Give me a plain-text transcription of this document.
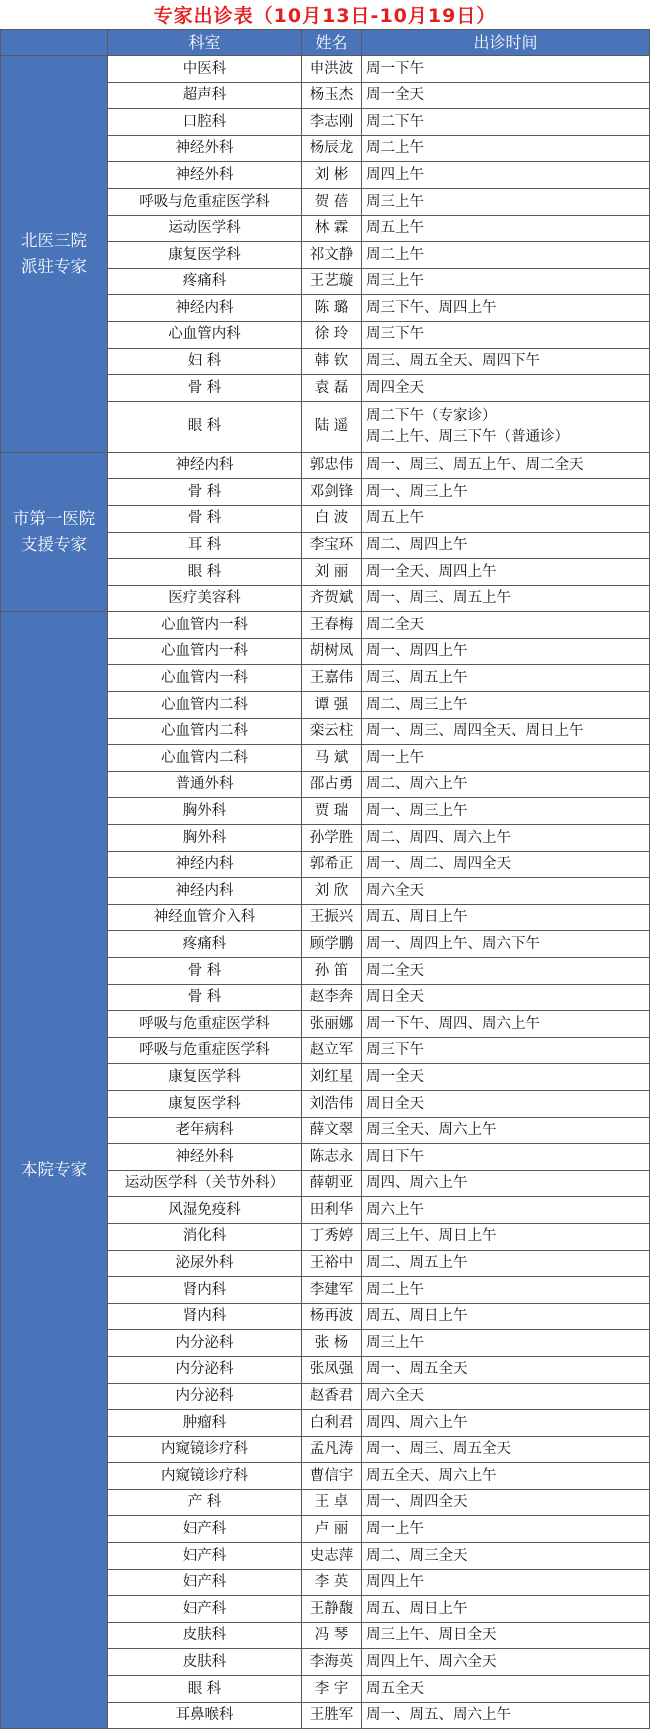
专家出诊表（10月13日-10月19日）
	科室	姓名	出诊时间
北医三院
派驻专家	中医科	申洪波	周一下午
	超声科	杨玉杰	周一全天
	口腔科	李志刚	周二下午
	神经外科	杨辰龙	周二上午
	神经外科	刘 彬	周四上午
	呼吸与危重症医学科	贺 蓓	周三上午
	运动医学科	林 霖	周五上午
	康复医学科	祁文静	周二上午
	疼痛科	王艺璇	周三上午
	神经内科	陈 璐	周三下午、周四上午
	心血管内科	徐 玲	周三下午
	妇 科	韩 钦	周三、周五全天、周四下午
	骨 科	袁 磊	周四全天
	眼 科	陆 遥	周二下午（专家诊）
周二上午、周三下午（普通诊）
市第一医院
支援专家	神经内科	郭忠伟	周一、周三、周五上午、周二全天
	骨 科	邓剑锋	周一、周三上午
	骨 科	白 波	周五上午
	耳 科	李宝环	周二、周四上午
	眼 科	刘 丽	周一全天、周四上午
	医疗美容科	齐贺斌	周一、周三、周五上午
本院专家	心血管内一科	王春梅	周二全天
	心血管内一科	胡树凤	周一、周四上午
	心血管内一科	王嘉伟	周三、周五上午
	心血管内二科	谭 强	周二、周三上午
	心血管内二科	栾云柱	周一、周三、周四全天、周日上午
	心血管内二科	马 斌	周一上午
	普通外科	邵占勇	周二、周六上午
	胸外科	贾 瑞	周一、周三上午
	胸外科	孙学胜	周二、周四、周六上午
	神经内科	郭希正	周一、周二、周四全天
	神经内科	刘 欣	周六全天
	神经血管介入科	王振兴	周五、周日上午
	疼痛科	顾学鹏	周一、周四上午、周六下午
	骨 科	孙 笛	周二全天
	骨 科	赵李奔	周日全天
	呼吸与危重症医学科	张丽娜	周一下午、周四、周六上午
	呼吸与危重症医学科	赵立军	周三下午
	康复医学科	刘红星	周一全天
	康复医学科	刘浩伟	周日全天
	老年病科	薛文翠	周三全天、周六上午
	神经外科	陈志永	周日下午
	运动医学科（关节外科）	薛朝亚	周四、周六上午
	风湿免疫科	田利华	周六上午
	消化科	丁秀婷	周三上午、周日上午
	泌尿外科	王裕中	周二、周五上午
	肾内科	李建军	周二上午
	肾内科	杨再波	周五、周日上午
	内分泌科	张 杨	周三上午
	内分泌科	张凤强	周一、周五全天
	内分泌科	赵香君	周六全天
	肿瘤科	白利君	周四、周六上午
	内窥镜诊疗科	孟凡涛	周一、周三、周五全天
	内窥镜诊疗科	曹信宇	周五全天、周六上午
	产 科	王 卓	周一、周四全天
	妇产科	卢 丽	周一上午
	妇产科	史志萍	周二、周三全天
	妇产科	李 英	周四上午
	妇产科	王静馥	周五、周日上午
	皮肤科	冯 琴	周三上午、周日全天
	皮肤科	李海英	周四上午、周六全天
	眼 科	李 宇	周五全天
	耳鼻喉科	王胜军	周一、周五、周六上午
